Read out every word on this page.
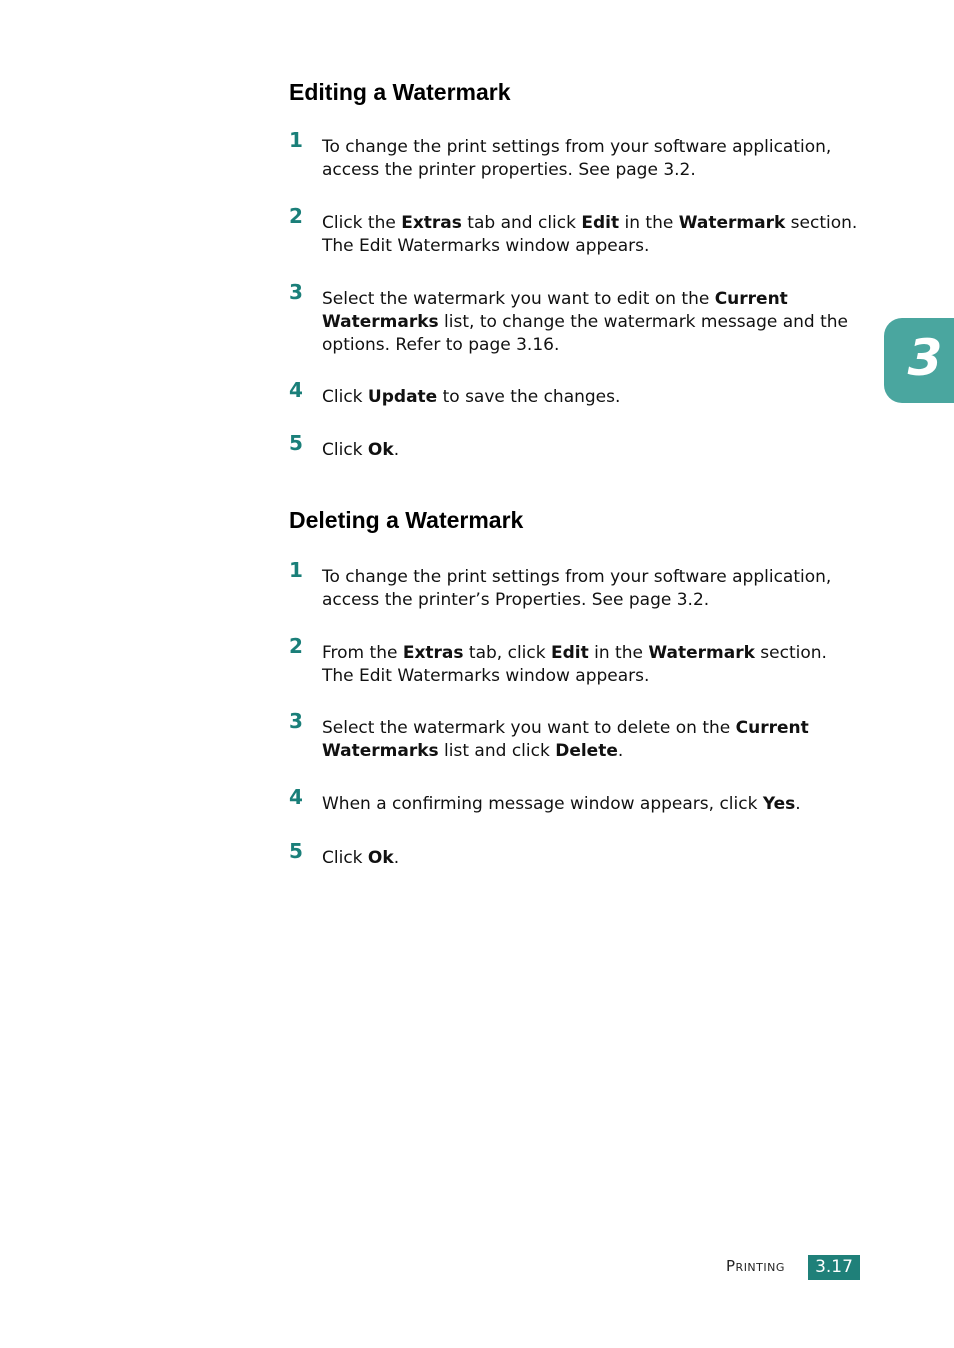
Editing a Watermark
1 To change the print settings from your software application, access the printer properties. See page 3.2.
2 Click the Extras tab and click Edit in the Watermark section. The Edit Watermarks window appears.
3 Select the watermark you want to edit on the Current Watermarks list, to change the watermark message and the options. Refer to page 3.16.
4 Click Update to save the changes.
5 Click Ok.
Deleting a Watermark
1 To change the print settings from your software application, access the printer’s Properties. See page 3.2.
2 From the Extras tab, click Edit in the Watermark section. The Edit Watermarks window appears.
3 Select the watermark you want to delete on the Current Watermarks list and click Delete.
4 When a confirming message window appears, click Yes.
5 Click Ok.
3
Printing	3.17
